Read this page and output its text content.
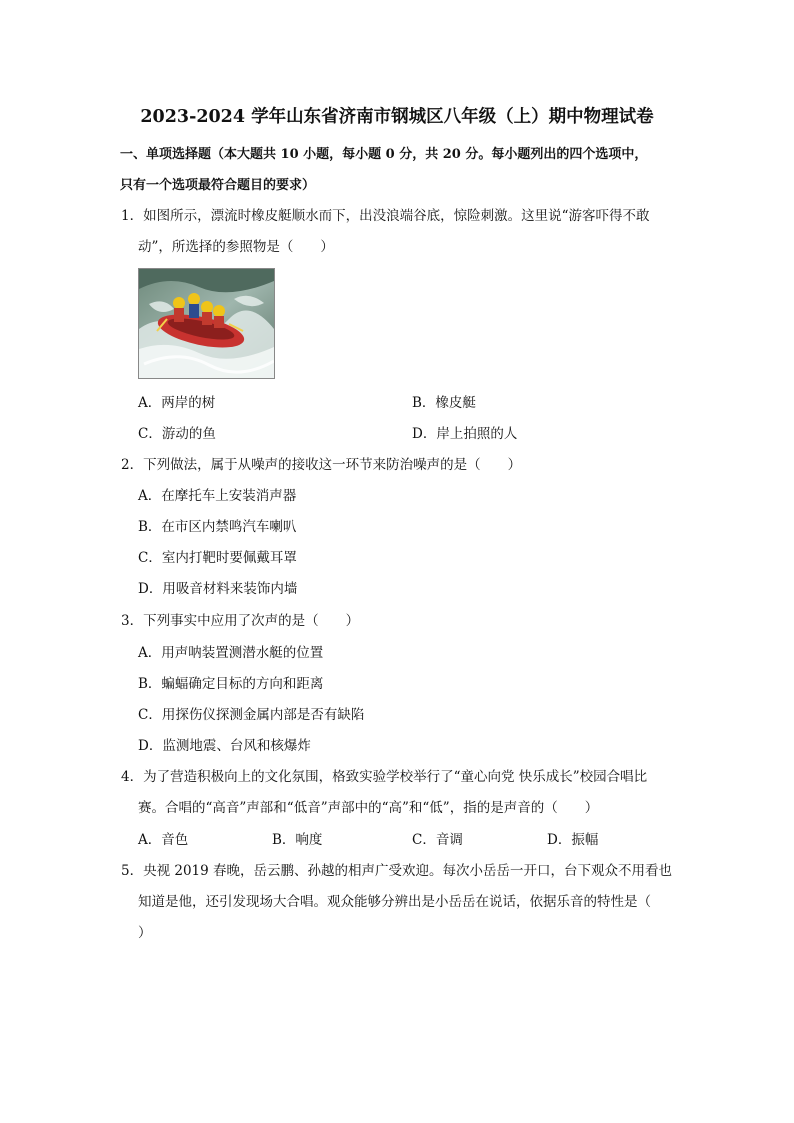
2023-2024 学年山东省济南市钢城区八年级（上）期中物理试卷
一、单项选择题（本大题共 10 小题，每小题 0 分，共 20 分。每小题列出的四个选项中，
只有一个选项最符合题目的要求）
1．如图所示，漂流时橡皮艇顺水而下，出没浪端谷底，惊险刺激。这里说“游客吓得不敢
动”，所选择的参照物是（　　）
A．两岸的树	B．橡皮艇
C．游动的鱼	D．岸上拍照的人
2．下列做法，属于从噪声的接收这一环节来防治噪声的是（　　）
A．在摩托车上安装消声器
B．在市区内禁鸣汽车喇叭
C．室内打靶时要佩戴耳罩
D．用吸音材料来装饰内墙
3．下列事实中应用了次声的是（　　）
A．用声呐装置测潜水艇的位置
B．蝙蝠确定目标的方向和距离
C．用探伤仪探测金属内部是否有缺陷
D．监测地震、台风和核爆炸
4．为了营造积极向上的文化氛围，格致实验学校举行了“童心向党 快乐成长”校园合唱比
赛。合唱的“高音”声部和“低音”声部中的“高”和“低”，指的是声音的（　　）
A．音色	B．响度	C．音调	D．振幅
5．央视 2019 春晚，岳云鹏、孙越的相声广受欢迎。每次小岳岳一开口，台下观众不用看也
知道是他，还引发现场大合唱。观众能够分辨出是小岳岳在说话，依据乐音的特性是（
）
